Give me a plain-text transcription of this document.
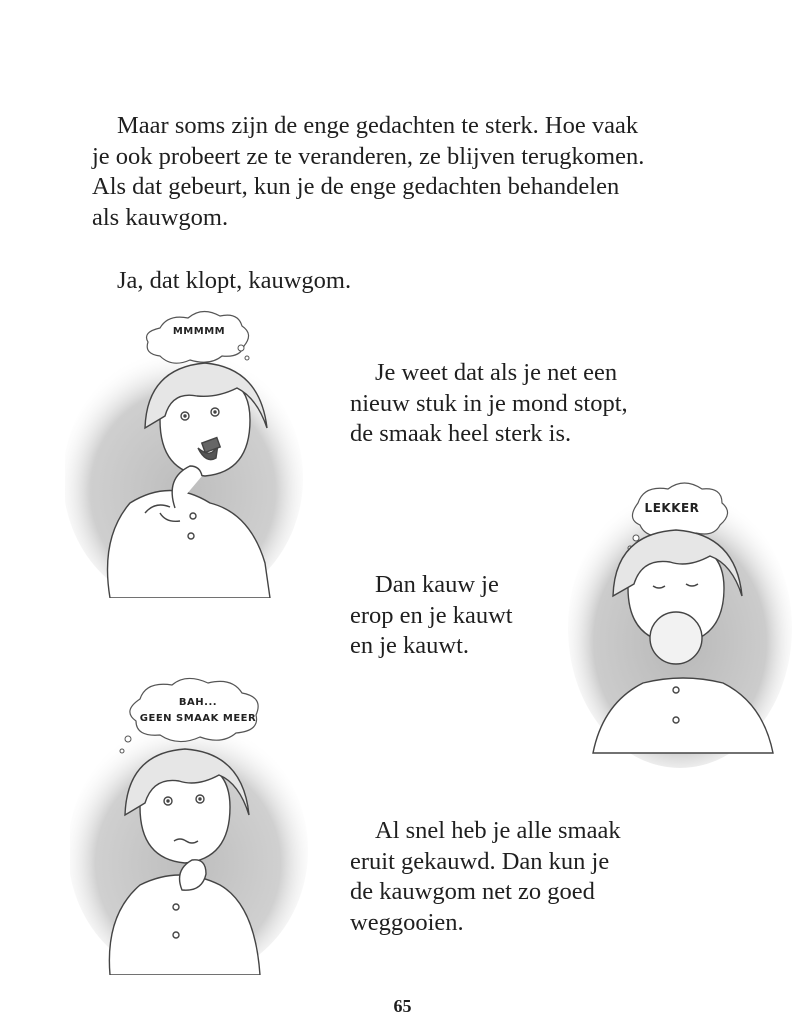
Maar soms zijn de enge gedachten te sterk. Hoe vaak
je ook probeert ze te veranderen, ze blijven terugkomen.
Als dat gebeurt, kun je de enge gedachten behandelen
als kauwgom.
Ja, dat klopt, kauwgom.
Je weet dat als je net een
nieuw stuk in je mond stopt,
de smaak heel sterk is.
Dan kauw je
erop en je kauwt
en je kauwt.
Al snel heb je alle smaak
eruit gekauwd. Dan kun je
de kauwgom net zo goed
weggooien.
MMMMM
LEKKER
BAH...
GEEN SMAAK MEER
65
